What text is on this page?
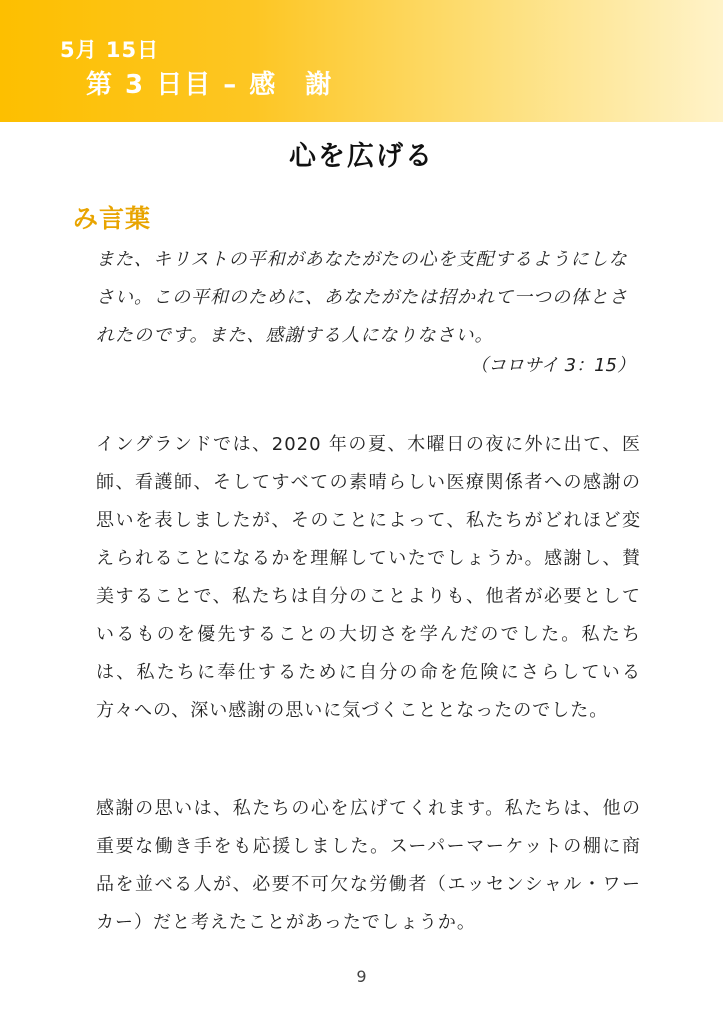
5月 15日
第 3 日目 – 感　謝
心を広げる
み言葉
また、キリストの平和があなたがたの心を支配するようにしなさい。この平和のために、あなたがたは招かれて一つの体とされたのです。また、感謝する人になりなさい。
（コロサイ 3：15）
イングランドでは、2020 年の夏、木曜日の夜に外に出て、医師、看護師、そしてすべての素晴らしい医療関係者への感謝の思いを表しましたが、そのことによって、私たちがどれほど変えられることになるかを理解していたでしょうか。感謝し、賛美することで、私たちは自分のことよりも、他者が必要としているものを優先することの大切さを学んだのでした。私たちは、私たちに奉仕するために自分の命を危険にさらしている方々への、深い感謝の思いに気づくこととなったのでした。
感謝の思いは、私たちの心を広げてくれます。私たちは、他の重要な働き手をも応援しました。スーパーマーケットの棚に商品を並べる人が、必要不可欠な労働者（エッセンシャル・ワーカー）だと考えたことがあったでしょうか。
9
